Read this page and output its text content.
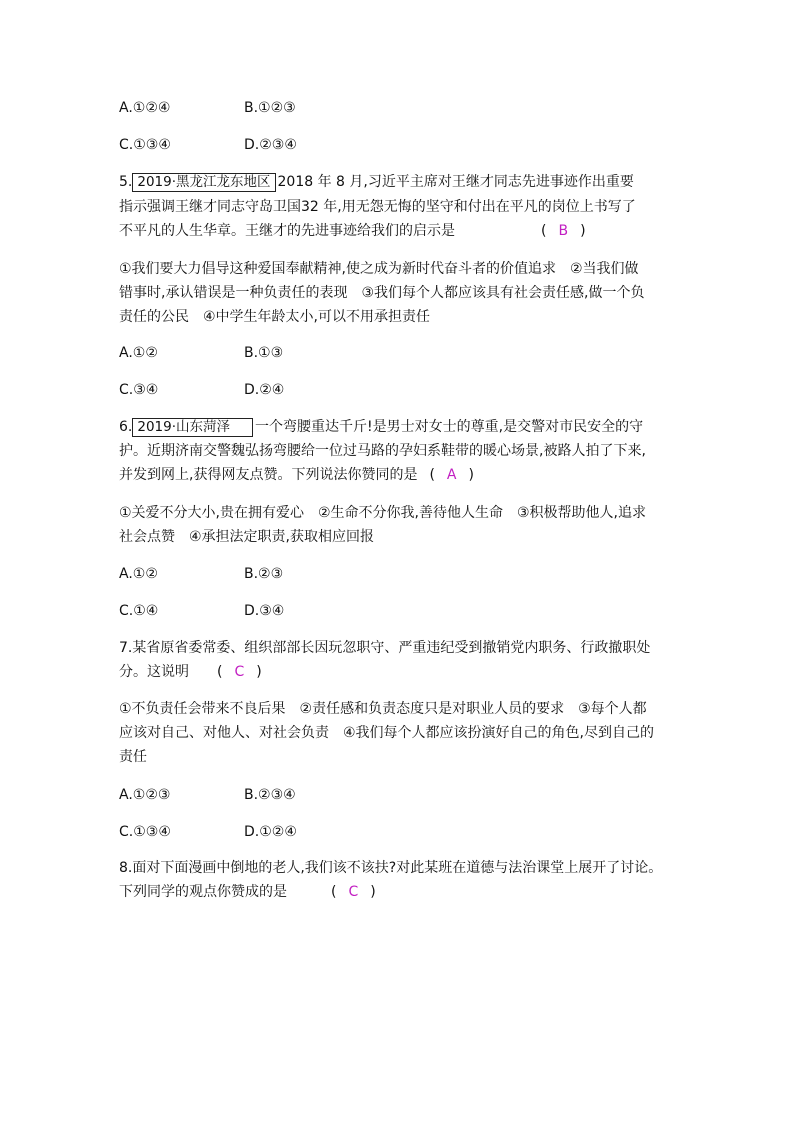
A.①②④	B.①②③
C.①③④	D.②③④
5. 2019·黑龙江龙东地区 2018 年 8 月,习近平主席对王继才同志先进事迹作出重要
指示强调王继才同志守岛卫国32 年,用无怨无悔的坚守和付出在平凡的岗位上书写了
不平凡的人生华章。王继才的先进事迹给我们的启示是	( B )
①我们要大力倡导这种爱国奉献精神,使之成为新时代奋斗者的价值追求　②当我们做
错事时,承认错误是一种负责任的表现　③我们每个人都应该具有社会责任感,做一个负
责任的公民　④中学生年龄太小,可以不用承担责任
A.①②	B.①③
C.③④	D.②④
6. 2019·山东菏泽 一个弯腰重达千斤!是男士对女士的尊重,是交警对市民安全的守
护。近期济南交警魏弘扬弯腰给一位过马路的孕妇系鞋带的暖心场景,被路人拍了下来,
并发到网上,获得网友点赞。下列说法你赞同的是 ( A )
①关爱不分大小,贵在拥有爱心　②生命不分你我,善待他人生命　③积极帮助他人,追求
社会点赞　④承担法定职责,获取相应回报
A.①②	B.②③
C.①④	D.③④
7.某省原省委常委、组织部部长因玩忽职守、严重违纪受到撤销党内职务、行政撤职处
分。这说明 ( C )
①不负责任会带来不良后果　②责任感和负责态度只是对职业人员的要求　③每个人都
应该对自己、对他人、对社会负责　④我们每个人都应该扮演好自己的角色,尽到自己的
责任
A.①②③	B.②③④
C.①③④	D.①②④
8.面对下面漫画中倒地的老人,我们该不该扶?对此某班在道德与法治课堂上展开了讨论。
下列同学的观点你赞成的是	( C )
